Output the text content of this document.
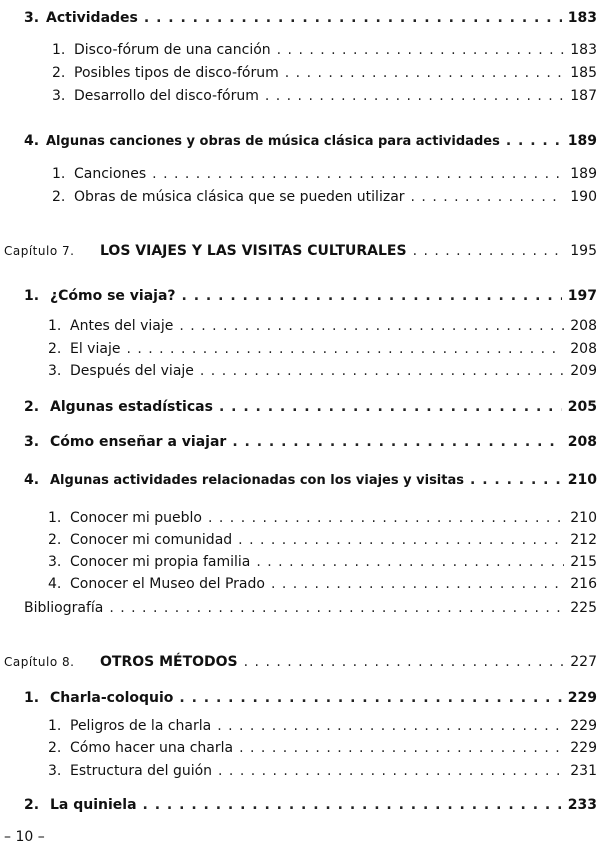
3. Actividades . . .	183
1. Disco-fórum de una canción . . .	183
2. Posibles tipos de disco-fórum . . .	185
3. Desarrollo del disco-fórum . . .	187
4. Algunas canciones y obras de música clásica para actividades . . .	189
1. Canciones . . .	189
2. Obras de música clásica que se pueden utilizar . . .	190
Capítulo 7.	LOS VIAJES Y LAS VISITAS CULTURALES . . .	195
1. ¿Cómo se viaja? . . .	197
1. Antes del viaje . . .	208
2. El viaje . . .	208
3. Después del viaje . . .	209
2. Algunas estadísticas . . .	205
3. Cómo enseñar a viajar . . .	208
4. Algunas actividades relacionadas con los viajes y visitas . . .	210
1. Conocer mi pueblo . . .	210
2. Conocer mi comunidad . . .	212
3. Conocer mi propia familia . . .	215
4. Conocer el Museo del Prado . . .	216
Bibliografía . . .	225
Capítulo 8.	OTROS MÉTODOS . . .	227
1. Charla-coloquio . . .	229
1. Peligros de la charla . . .	229
2. Cómo hacer una charla . . .	229
3. Estructura del guión . . .	231
2. La quiniela . . .	233
– 10 –
